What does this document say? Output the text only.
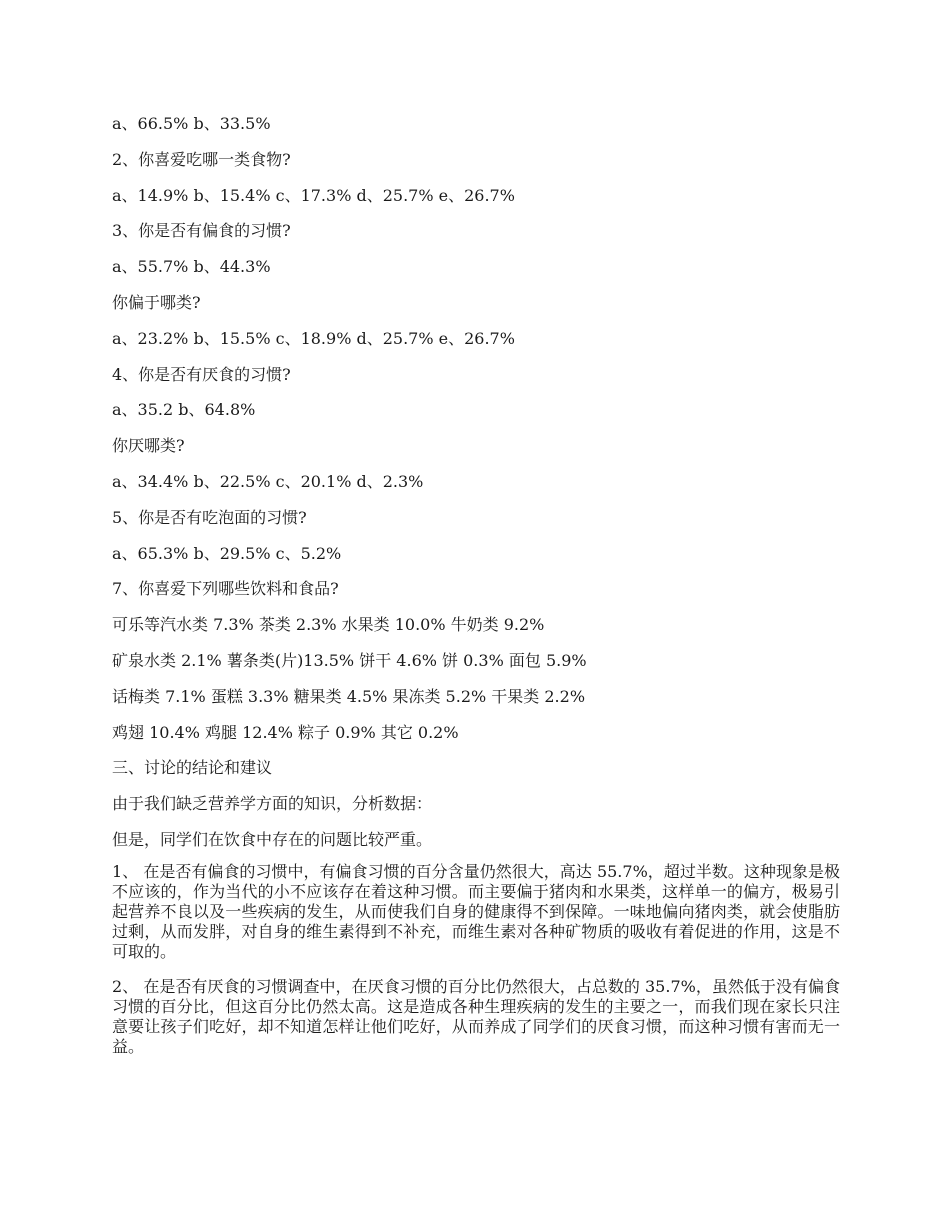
a、66.5% b、33.5%
2、你喜爱吃哪一类食物?
a、14.9% b、15.4% c、17.3% d、25.7% e、26.7%
3、你是否有偏食的习惯?
a、55.7% b、44.3%
你偏于哪类?
a、23.2% b、15.5% c、18.9% d、25.7% e、26.7%
4、你是否有厌食的习惯?
a、35.2 b、64.8%
你厌哪类?
a、34.4% b、22.5% c、20.1% d、2.3%
5、你是否有吃泡面的习惯?
a、65.3% b、29.5% c、5.2%
7、你喜爱下列哪些饮料和食品?
可乐等汽水类 7.3% 茶类 2.3% 水果类 10.0% 牛奶类 9.2%
矿泉水类 2.1% 薯条类(片)13.5% 饼干 4.6% 饼 0.3% 面包 5.9%
话梅类 7.1% 蛋糕 3.3% 糖果类 4.5% 果冻类 5.2% 干果类 2.2%
鸡翅 10.4% 鸡腿 12.4% 粽子 0.9% 其它 0.2%
三、讨论的结论和建议
由于我们缺乏营养学方面的知识，分析数据：
但是，同学们在饮食中存在的问题比较严重。

1、 在是否有偏食的习惯中，有偏食习惯的百分含量仍然很大，高达 55.7%，超过半数。这种现象是极不应该的，作为当代的小不应该存在着这种习惯。而主要偏于猪肉和水果类，这样单一的偏方，极易引起营养不良以及一些疾病的发生，从而使我们自身的健康得不到保障。一味地偏向猪肉类，就会使脂肪过剩，从而发胖，对自身的维生素得到不补充，而维生素对各种矿物质的吸收有着促进的作用，这是不可取的。

2、 在是否有厌食的习惯调查中，在厌食习惯的百分比仍然很大，占总数的 35.7%，虽然低于没有偏食习惯的百分比，但这百分比仍然太高。这是造成各种生理疾病的发生的主要之一，而我们现在家长只注意要让孩子们吃好，却不知道怎样让他们吃好，从而养成了同学们的厌食习惯，而这种习惯有害而无一益。
